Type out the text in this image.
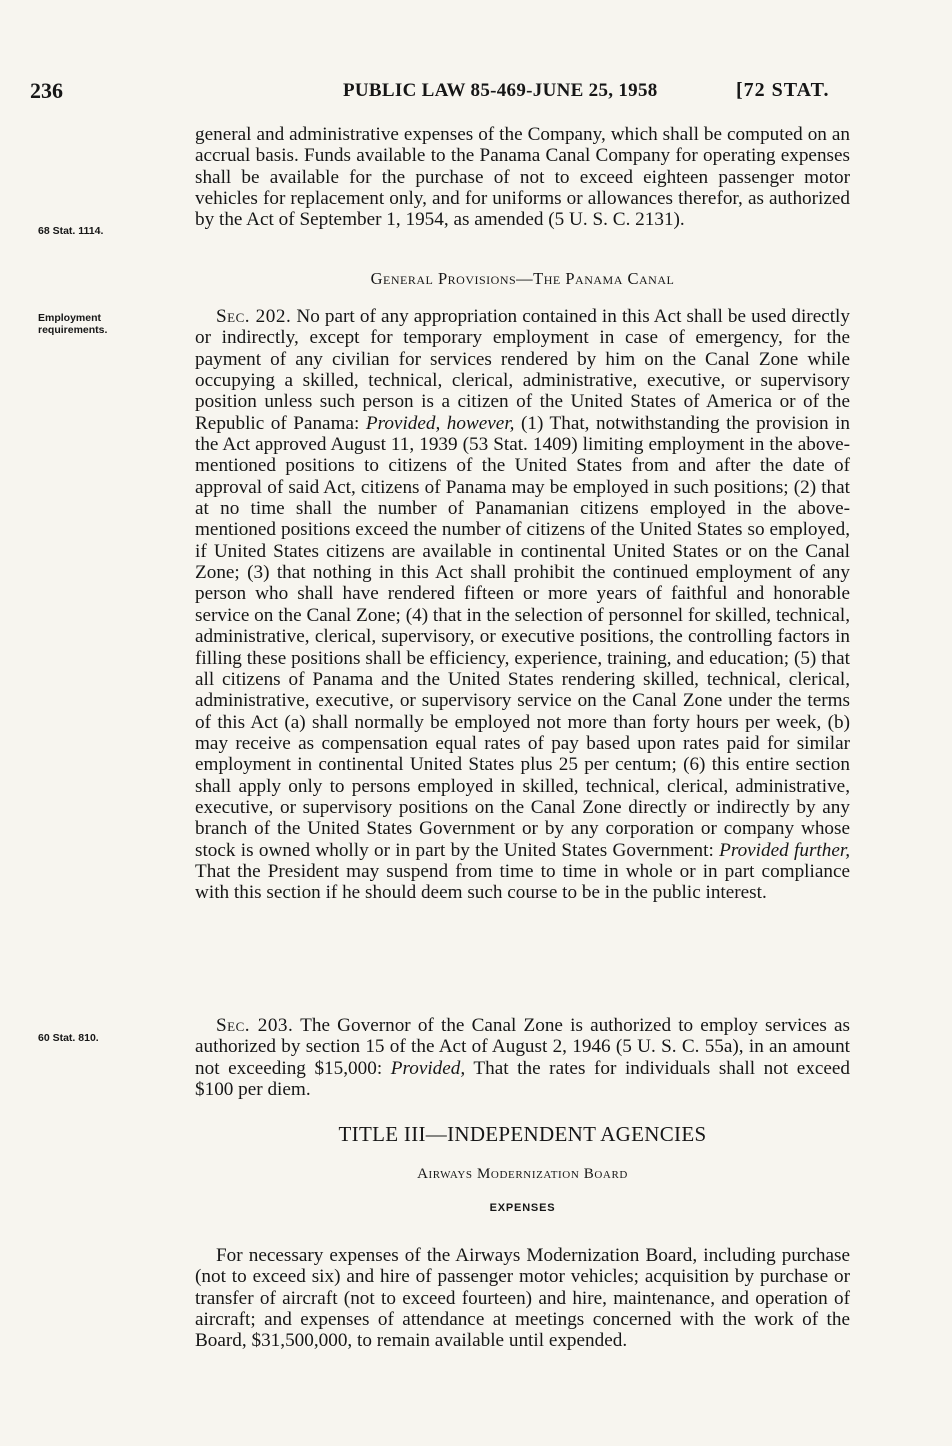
236	PUBLIC LAW 85-469-JUNE 25, 1958	[72 STAT.
68 Stat. 1114.
Employment requirements.
60 Stat. 810.

general and administrative expenses of the Company, which shall be computed on an accrual basis. Funds available to the Panama Canal Company for operating expenses shall be available for the purchase of not to exceed eighteen passenger motor vehicles for replacement only, and for uniforms or allowances therefor, as authorized by the Act of September 1, 1954, as amended (5 U. S. C. 2131).

General Provisions—The Panama Canal

Sec. 202. No part of any appropriation contained in this Act shall be used directly or indirectly, except for temporary employment in case of emergency, for the payment of any civilian for services rendered by him on the Canal Zone while occupying a skilled, technical, clerical, administrative, executive, or supervisory position unless such person is a citizen of the United States of America or of the Republic of Panama: Provided, however, (1) That, notwithstanding the provision in the Act approved August 11, 1939 (53 Stat. 1409) limiting employment in the above-mentioned positions to citizens of the United States from and after the date of approval of said Act, citizens of Panama may be employed in such positions; (2) that at no time shall the number of Panamanian citizens employed in the above-mentioned positions exceed the number of citizens of the United States so employed, if United States citizens are available in continental United States or on the Canal Zone; (3) that nothing in this Act shall prohibit the continued employment of any person who shall have rendered fifteen or more years of faithful and honorable service on the Canal Zone; (4) that in the selection of personnel for skilled, technical, administrative, clerical, supervisory, or executive positions, the controlling factors in filling these positions shall be efficiency, experience, training, and education; (5) that all citizens of Panama and the United States rendering skilled, technical, clerical, administrative, executive, or supervisory service on the Canal Zone under the terms of this Act (a) shall normally be employed not more than forty hours per week, (b) may receive as compensation equal rates of pay based upon rates paid for similar employment in continental United States plus 25 per centum; (6) this entire section shall apply only to persons employed in skilled, technical, clerical, administrative, executive, or supervisory positions on the Canal Zone directly or indirectly by any branch of the United States Government or by any corporation or company whose stock is owned wholly or in part by the United States Government: Provided further, That the President may suspend from time to time in whole or in part compliance with this section if he should deem such course to be in the public interest.

Sec. 203. The Governor of the Canal Zone is authorized to employ services as authorized by section 15 of the Act of August 2, 1946 (5 U. S. C. 55a), in an amount not exceeding $15,000: Provided, That the rates for individuals shall not exceed $100 per diem.

TITLE III—INDEPENDENT AGENCIES
Airways Modernization Board
EXPENSES

For necessary expenses of the Airways Modernization Board, including purchase (not to exceed six) and hire of passenger motor vehicles; acquisition by purchase or transfer of aircraft (not to exceed fourteen) and hire, maintenance, and operation of aircraft; and expenses of attendance at meetings concerned with the work of the Board, $31,500,000, to remain available until expended.
